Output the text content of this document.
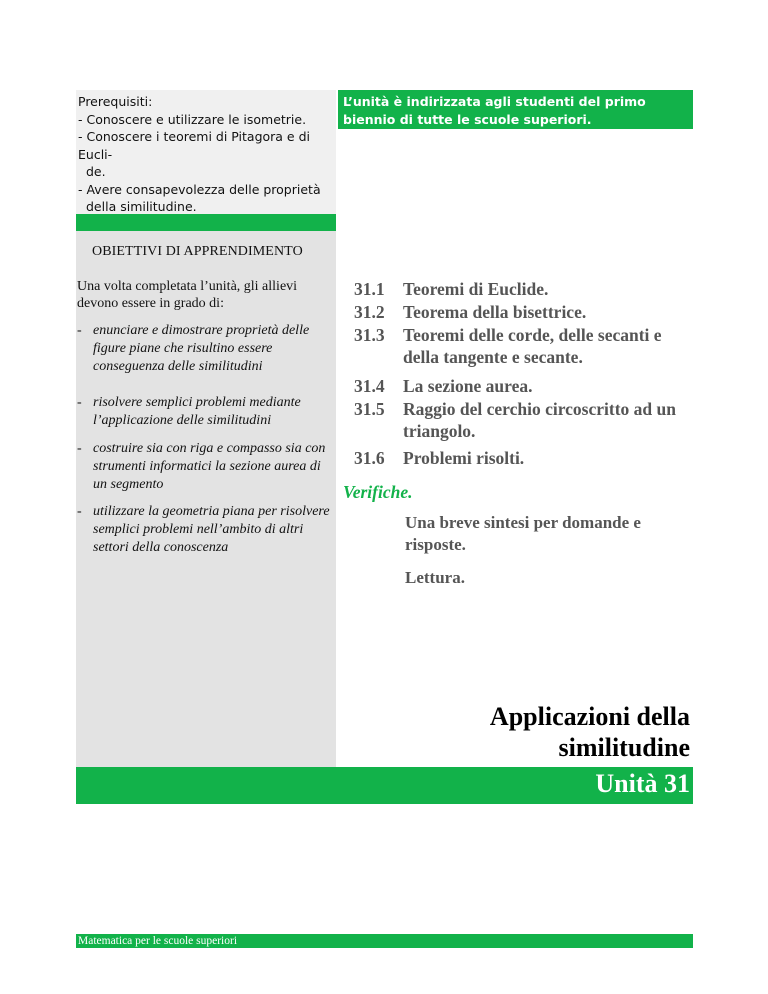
Prerequisiti:
- Conoscere e utilizzare le isometrie.
- Conoscere i teoremi di Pitagora e di Eucli-
de.
- Avere consapevolezza delle proprietà
della similitudine.
L’unità è indirizzata agli studenti del primo biennio di tutte le scuole superiori.
OBIETTIVI DI APPRENDIMENTO
Una volta completata l’unità, gli allievi devono essere in grado di:
- enunciare e dimostrare proprietà delle figure piane che risultino essere conseguenza delle similitudini
- risolvere semplici problemi mediante l’applicazione delle similitudini
- costruire sia con riga e compasso sia con strumenti informatici la sezione aurea di un segmento
- utilizzare la geometria piana per risolvere semplici problemi nell’ambito di altri settori della conoscenza
31.1 Teoremi di Euclide.
31.2 Teorema della bisettrice.
31.3 Teoremi delle corde, delle secanti e della tangente e secante.
31.4 La sezione aurea.
31.5 Raggio del cerchio circoscritto ad un triangolo.
31.6 Problemi risolti.
Verifiche.
Una breve sintesi per domande e risposte.
Lettura.
Applicazioni della
similitudine
Unità 31
Matematica per le scuole superiori
